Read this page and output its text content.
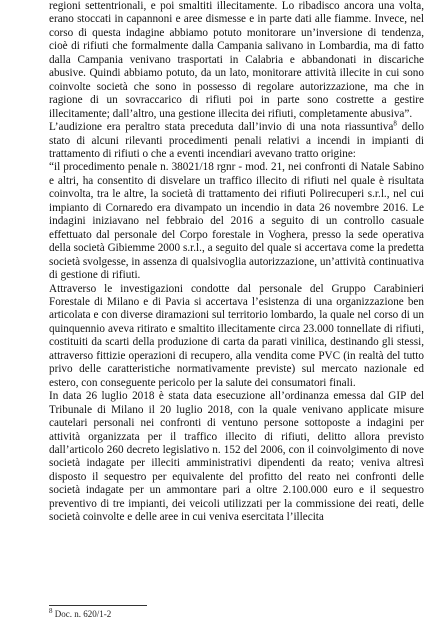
regioni settentrionali, e poi smaltiti illecitamente. Lo ribadisco ancora una volta, erano stoccati in capannoni e aree dismesse e in parte dati alle fiamme. Invece, nel corso di questa indagine abbiamo potuto monitorare un’inversione di tendenza, cioè di rifiuti che formalmente dalla Campania salivano in Lombardia, ma di fatto dalla Campania venivano trasportati in Calabria e abbandonati in discariche abusive. Quindi abbiamo potuto, da un lato, monitorare attività illecite in cui sono coinvolte società che sono in possesso di regolare autorizzazione, ma che in ragione di un sovraccarico di rifiuti poi in parte sono costrette a gestire illecitamente; dall’altro, una gestione illecita dei rifiuti, completamente abusiva”.

L’audizione era peraltro stata preceduta dall’invio di una nota riassuntiva$^8$ dello stato di alcuni rilevanti procedimenti penali relativi a incendi in impianti di trattamento di rifiuti o che a eventi incendiari avevano tratto origine:

“il procedimento penale n. 38021/18 rgnr - mod. 21, nei confronti di Natale Sabino e altri, ha consentito di disvelare un traffico illecito di rifiuti nel quale è risultata coinvolta, tra le altre, la società di trattamento dei rifiuti Polirecuperi s.r.l., nel cui impianto di Cornaredo era divampato un incendio in data 26 novembre 2016. Le indagini iniziavano nel febbraio del 2016 a seguito di un controllo casuale effettuato dal personale del Corpo forestale in Voghera, presso la sede operativa della società Gibiemme 2000 s.r.l., a seguito del quale si accertava come la predetta società svolgesse, in assenza di qualsivoglia autorizzazione, un’attività continuativa di gestione di rifiuti.

Attraverso le investigazioni condotte dal personale del Gruppo Carabinieri Forestale di Milano e di Pavia si accertava l’esistenza di una organizzazione ben articolata e con diverse diramazioni sul territorio lombardo, la quale nel corso di un quinquennio aveva ritirato e smaltito illecitamente circa 23.000 tonnellate di rifiuti, costituiti da scarti della produzione di carta da parati vinilica, destinando gli stessi, attraverso fittizie operazioni di recupero, alla vendita come PVC (in realtà del tutto privo delle caratteristiche normativamente previste) sul mercato nazionale ed estero, con conseguente pericolo per la salute dei consumatori finali.

In data 26 luglio 2018 è stata data esecuzione all’ordinanza emessa dal GIP del Tribunale di Milano il 20 luglio 2018, con la quale venivano applicate misure cautelari personali nei confronti di ventuno persone sottoposte a indagini per attività organizzata per il traffico illecito di rifiuti, delitto allora previsto dall’articolo 260 decreto legislativo n. 152 del 2006, con il coinvolgimento di nove società indagate per illeciti amministrativi dipendenti da reato; veniva altresì disposto il sequestro per equivalente del profitto del reato nei confronti delle società indagate per un ammontare pari a oltre 2.100.000 euro e il sequestro preventivo di tre impianti, dei veicoli utilizzati per la commissione dei reati, delle società coinvolte e delle aree in cui veniva esercitata l’illecita

$^8$ Doc. n. 620/1-2
